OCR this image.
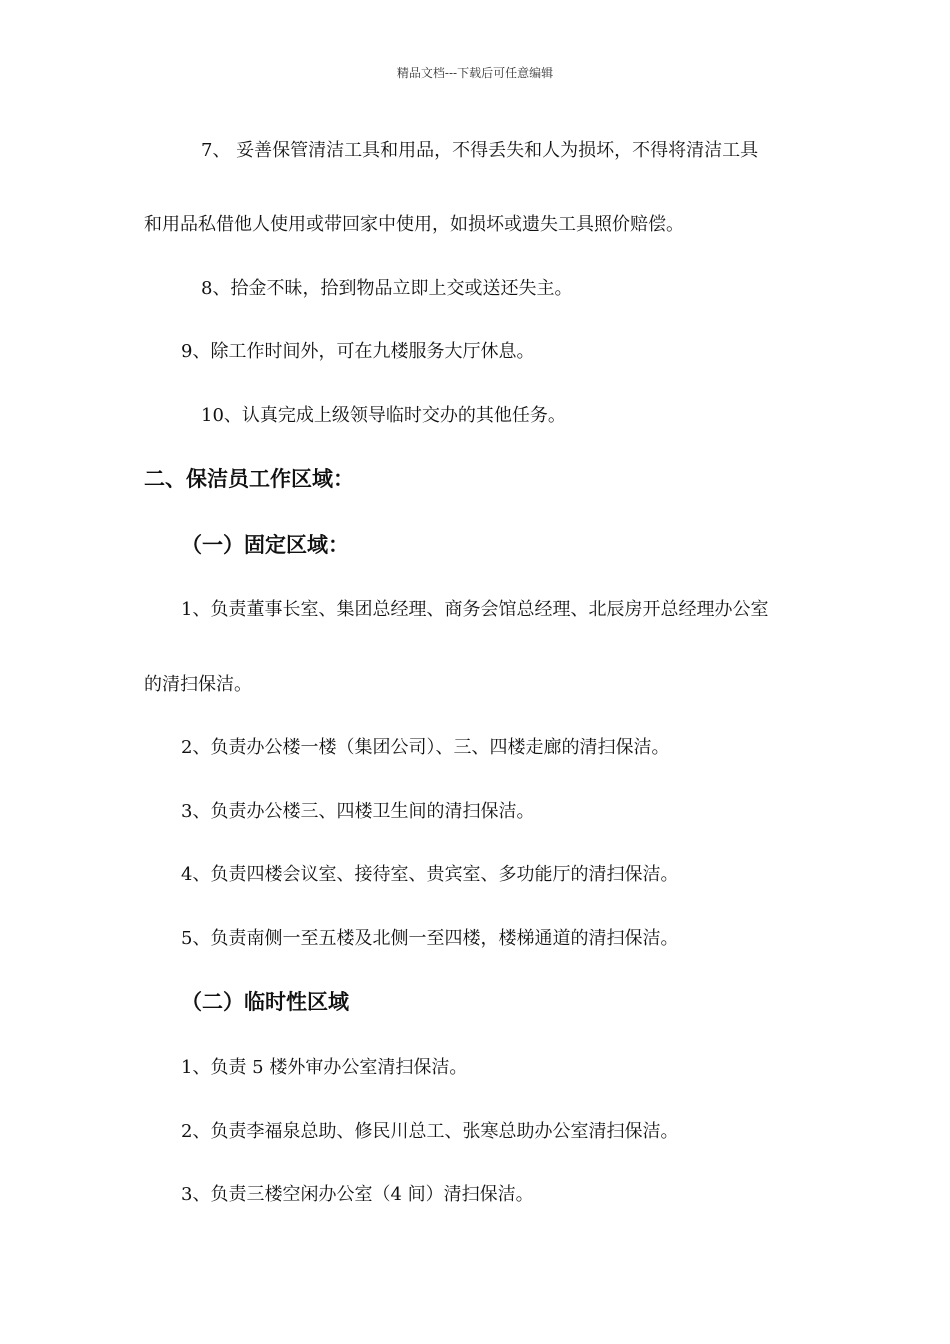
精品文档---下载后可任意编辑
7、 妥善保管清洁工具和用品，不得丢失和人为损坏，不得将清洁工具
和用品私借他人使用或带回家中使用，如损坏或遗失工具照价赔偿。
8、拾金不昧，拾到物品立即上交或送还失主。
9、除工作时间外，可在九楼服务大厅休息。
10、认真完成上级领导临时交办的其他任务。
二、保洁员工作区域：
（一）固定区域：
1、负责董事长室、集团总经理、商务会馆总经理、北辰房开总经理办公室
的清扫保洁。
2、负责办公楼一楼（集团公司）、三、四楼走廊的清扫保洁。
3、负责办公楼三、四楼卫生间的清扫保洁。
4、负责四楼会议室、接待室、贵宾室、多功能厅的清扫保洁。
5、负责南侧一至五楼及北侧一至四楼，楼梯通道的清扫保洁。
（二）临时性区域
1、负责 5 楼外审办公室清扫保洁。
2、负责李福泉总助、修民川总工、张寒总助办公室清扫保洁。
3、负责三楼空闲办公室（4 间）清扫保洁。
